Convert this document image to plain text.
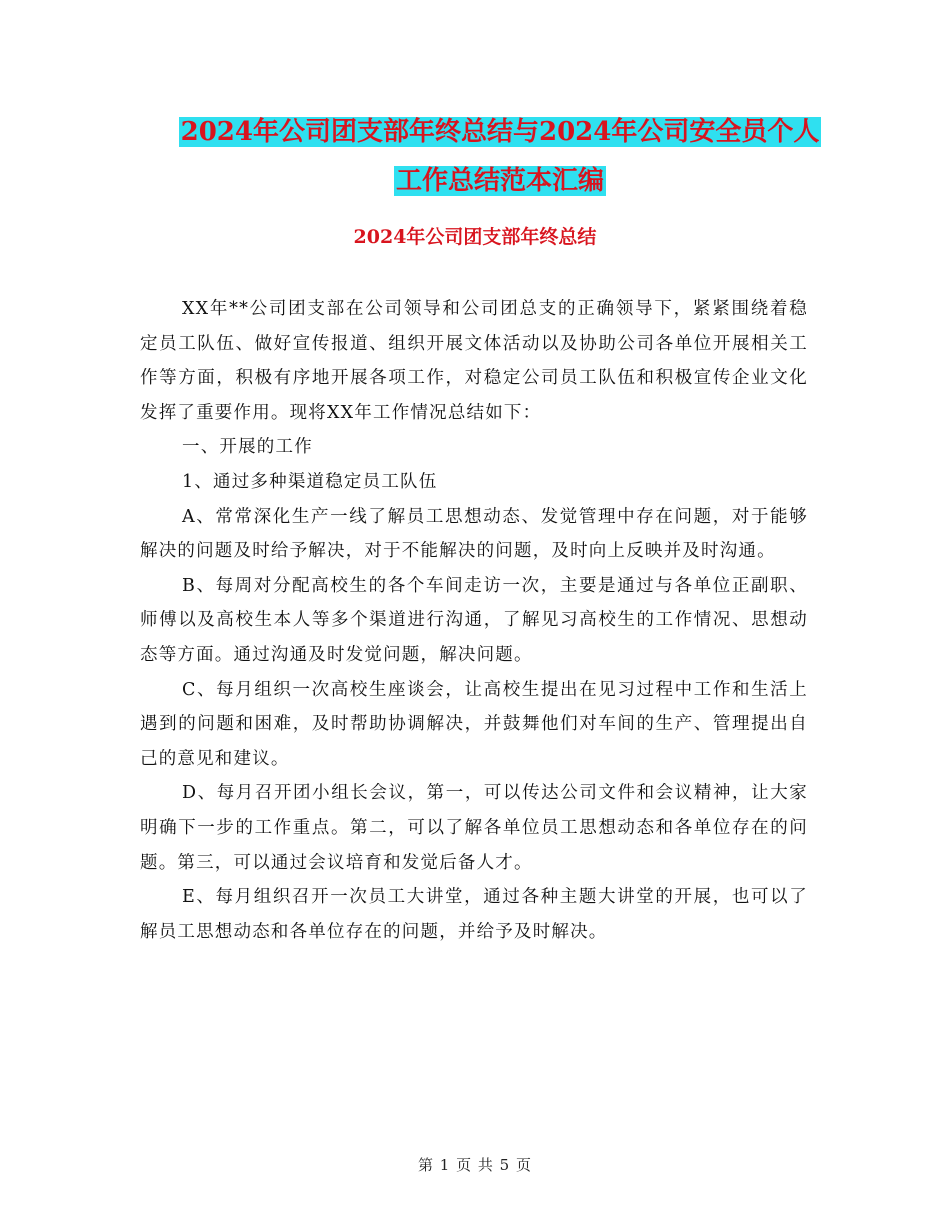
2024年公司团支部年终总结与2024年公司安全员个人
工作总结范本汇编
2024年公司团支部年终总结

XX年**公司团支部在公司领导和公司团总支的正确领导下，紧紧围绕着稳定员工队伍、做好宣传报道、组织开展文体活动以及协助公司各单位开展相关工作等方面，积极有序地开展各项工作，对稳定公司员工队伍和积极宣传企业文化发挥了重要作用。现将XX年工作情况总结如下：

一、开展的工作

1、通过多种渠道稳定员工队伍

A、常常深化生产一线了解员工思想动态、发觉管理中存在问题，对于能够解决的问题及时给予解决，对于不能解决的问题，及时向上反映并及时沟通。

B、每周对分配高校生的各个车间走访一次，主要是通过与各单位正副职、师傅以及高校生本人等多个渠道进行沟通，了解见习高校生的工作情况、思想动态等方面。通过沟通及时发觉问题，解决问题。

C、每月组织一次高校生座谈会，让高校生提出在见习过程中工作和生活上遇到的问题和困难，及时帮助协调解决，并鼓舞他们对车间的生产、管理提出自己的意见和建议。

D、每月召开团小组长会议，第一，可以传达公司文件和会议精神，让大家明确下一步的工作重点。第二，可以了解各单位员工思想动态和各单位存在的问题。第三，可以通过会议培育和发觉后备人才。

E、每月组织召开一次员工大讲堂，通过各种主题大讲堂的开展，也可以了解员工思想动态和各单位存在的问题，并给予及时解决。

第 1 页 共 5 页
